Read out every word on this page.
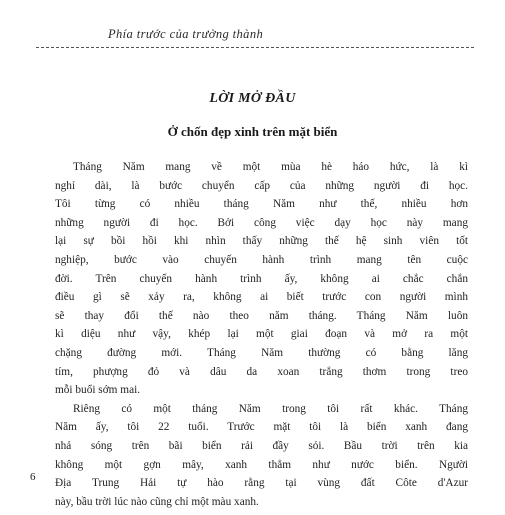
Phía trước của trưởng thành
LỜI MỞ ĐẦU
Ở chốn đẹp xinh trên mặt biển
Tháng Năm mang về một mùa hè háo hức, là kì
nghỉ dài, là bước chuyển cấp của những người đi học.
Tôi từng có nhiều tháng Năm như thế, nhiều hơn
những người đi học. Bởi công việc dạy học này mang
lại sự bồi hồi khi nhìn thấy những thế hệ sinh viên tốt
nghiệp, bước vào chuyến hành trình mang tên cuộc
đời. Trên chuyến hành trình ấy, không ai chắc chắn
điều gì sẽ xảy ra, không ai biết trước con người mình
sẽ thay đổi thế nào theo năm tháng. Tháng Năm luôn
kì diệu như vậy, khép lại một giai đoạn và mở ra một
chặng đường mới. Tháng Năm thường có bằng lăng
tím, phượng đỏ và dâu da xoan trắng thơm trong treo
mỗi buổi sớm mai.
Riêng có một tháng Năm trong tôi rất khác. Tháng
Năm ấy, tôi 22 tuổi. Trước mặt tôi là biển xanh đang
nhả sóng trên bãi biển rải đầy sỏi. Bầu trời trên kia
không một gợn mây, xanh thẳm như nước biển. Người
Địa Trung Hải tự hào rằng tại vùng đất Côte d'Azur
này, bầu trời lúc nào cũng chỉ một màu xanh.
6
